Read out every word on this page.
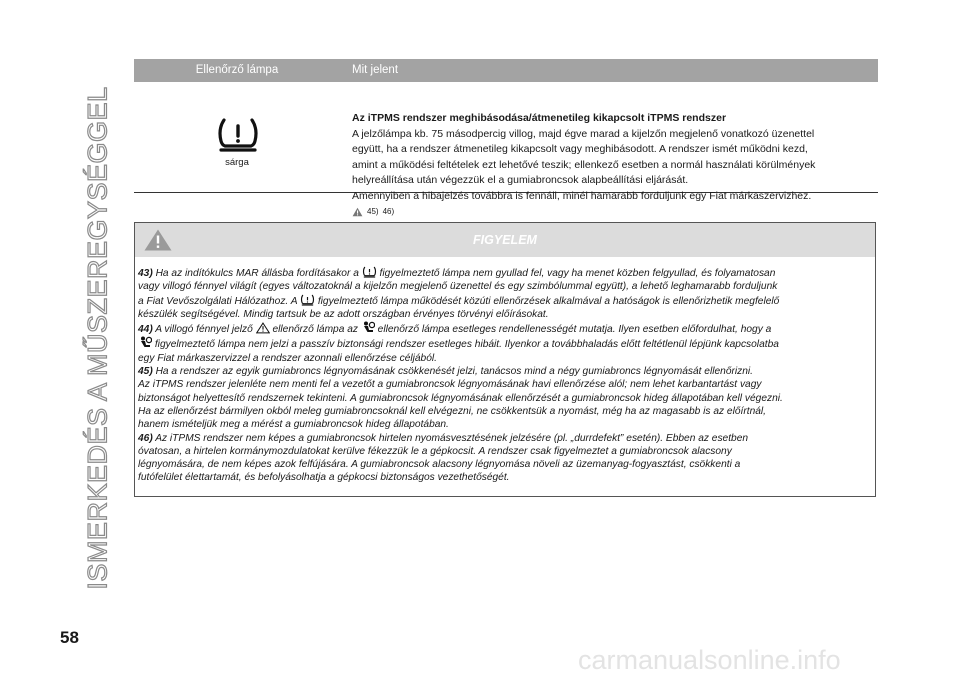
ISMERKEDÉS A MŰSZEREGYSÉGGEL
Ellenőrző lámpa	Mit jelent
sárga
Az iTPMS rendszer meghibásodása/átmenetileg kikapcsolt iTPMS rendszer
A jelzőlámpa kb. 75 másodpercig villog, majd égve marad a kijelzőn megjelenő vonatkozó üzenettel
együtt, ha a rendszer átmenetileg kikapcsolt vagy meghibásodott. A rendszer ismét működni kezd,
amint a működési feltételek ezt lehetővé teszik; ellenkező esetben a normál használati körülmények
helyreállítása után végezzük el a gumiabroncsok alapbeállítási eljárását.
Amennyiben a hibajelzés továbbra is fennáll, minél hamarabb forduljunk egy Fiat márkaszervizhez.
45) 46)
FIGYELEM

43) Ha az indítókulcs MAR állásba fordításakor a figyelmeztető lámpa nem gyullad fel, vagy ha menet közben felgyullad, és folyamatosan
vagy villogó fénnyel világít (egyes változatoknál a kijelzőn megjelenő üzenettel és egy szimbólummal együtt), a lehető leghamarabb forduljunk
a Fiat Vevőszolgálati Hálózathoz. A figyelmeztető lámpa működését közúti ellenőrzések alkalmával a hatóságok is ellenőrizhetik megfelelő
készülék segítségével. Mindig tartsuk be az adott országban érvényes törvényi előírásokat.

44) A villogó fénnyel jelző ellenőrző lámpa az ellenőrző lámpa esetleges rendellenességét mutatja. Ilyen esetben előfordulhat, hogy a
figyelmeztető lámpa nem jelzi a passzív biztonsági rendszer esetleges hibáit. Ilyenkor a továbbhaladás előtt feltétlenül lépjünk kapcsolatba
egy Fiat márkaszervizzel a rendszer azonnali ellenőrzése céljából.

45) Ha a rendszer az egyik gumiabroncs légnyomásának csökkenését jelzi, tanácsos mind a négy gumiabroncs légnyomását ellenőrizni.
Az iTPMS rendszer jelenléte nem menti fel a vezetőt a gumiabroncsok légnyomásának havi ellenőrzése alól; nem lehet karbantartást vagy
biztonságot helyettesítő rendszernek tekinteni. A gumiabroncsok légnyomásának ellenőrzését a gumiabroncsok hideg állapotában kell végezni.
Ha az ellenőrzést bármilyen okból meleg gumiabroncsoknál kell elvégezni, ne csökkentsük a nyomást, még ha az magasabb is az előírtnál,
hanem ismételjük meg a mérést a gumiabroncsok hideg állapotában.

46) Az iTPMS rendszer nem képes a gumiabroncsok hirtelen nyomásvesztésének jelzésére (pl. „durrdefekt” esetén). Ebben az esetben
óvatosan, a hirtelen kormánymozdulatokat kerülve fékezzük le a gépkocsit. A rendszer csak figyelmeztet a gumiabroncsok alacsony
légnyomására, de nem képes azok felfújására. A gumiabroncsok alacsony légnyomása növeli az üzemanyag-fogyasztást, csökkenti a
futófelület élettartamát, és befolyásolhatja a gépkocsi biztonságos vezethetőségét.

58
carmanualsonline.info
